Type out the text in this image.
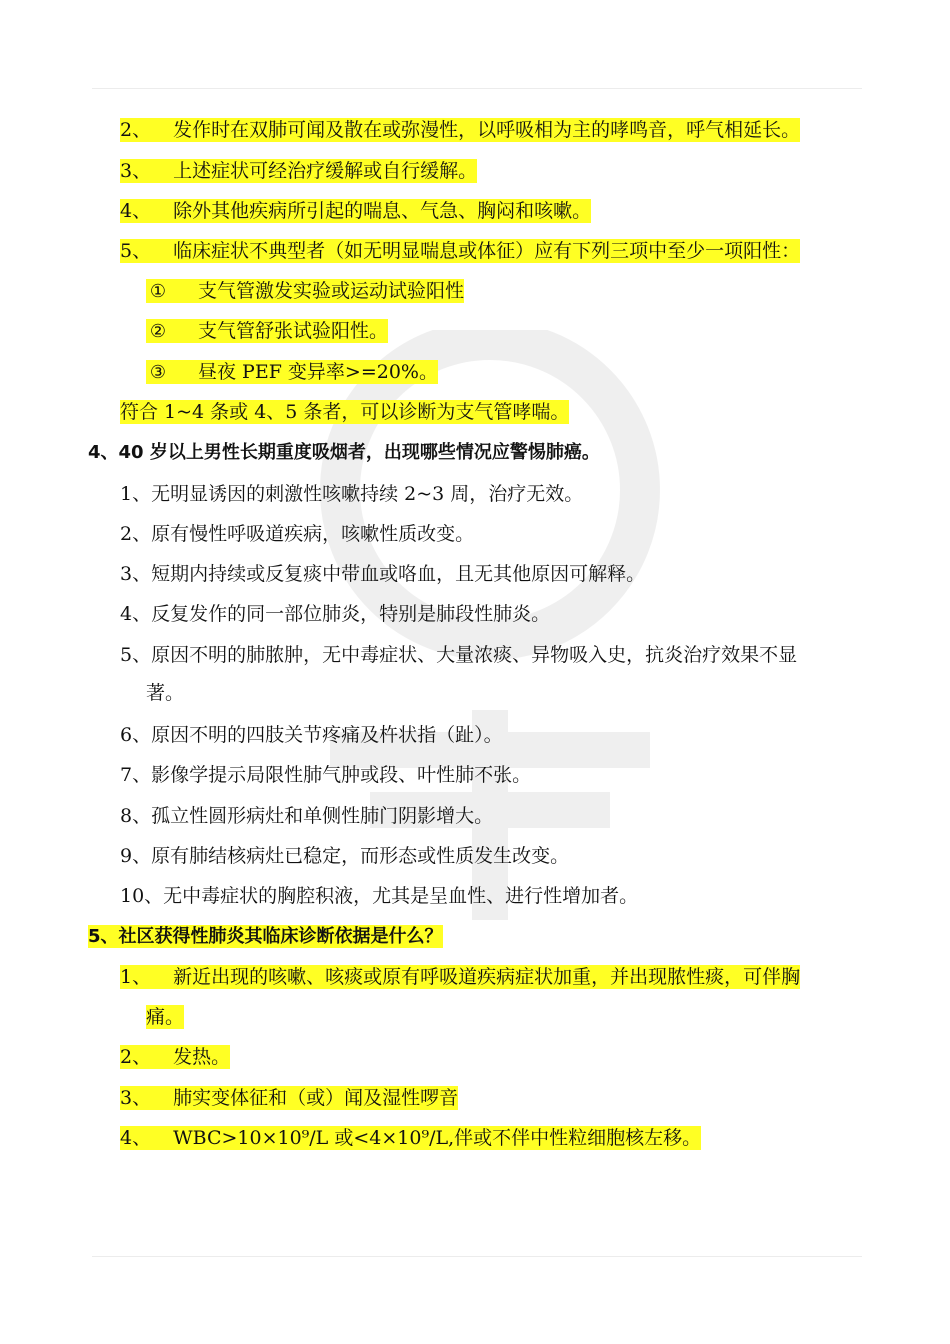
2、 发作时在双肺可闻及散在或弥漫性，以呼吸相为主的哮鸣音，呼气相延长。
3、 上述症状可经治疗缓解或自行缓解。
4、 除外其他疾病所引起的喘息、气急、胸闷和咳嗽。
5、 临床症状不典型者（如无明显喘息或体征）应有下列三项中至少一项阳性：
① 支气管激发实验或运动试验阳性
② 支气管舒张试验阳性。
③ 昼夜 PEF 变异率>=20%。
符合 1~4 条或 4、5 条者，可以诊断为支气管哮喘。
4、40 岁以上男性长期重度吸烟者，出现哪些情况应警惕肺癌。
1、无明显诱因的刺激性咳嗽持续 2~3 周，治疗无效。
2、原有慢性呼吸道疾病，咳嗽性质改变。
3、短期内持续或反复痰中带血或咯血，且无其他原因可解释。
4、反复发作的同一部位肺炎，特别是肺段性肺炎。
5、原因不明的肺脓肿，无中毒症状、大量浓痰、异物吸入史，抗炎治疗效果不显
著。
6、原因不明的四肢关节疼痛及杵状指（趾）。
7、影像学提示局限性肺气肿或段、叶性肺不张。
8、孤立性圆形病灶和单侧性肺门阴影增大。
9、原有肺结核病灶已稳定，而形态或性质发生改变。
10、无中毒症状的胸腔积液，尤其是呈血性、进行性增加者。
5、社区获得性肺炎其临床诊断依据是什么？
1、 新近出现的咳嗽、咳痰或原有呼吸道疾病症状加重，并出现脓性痰，可伴胸
痛。
2、 发热。
3、 肺实变体征和（或）闻及湿性啰音
4、 WBC>10×10⁹/L 或<4×10⁹/L,伴或不伴中性粒细胞核左移。
